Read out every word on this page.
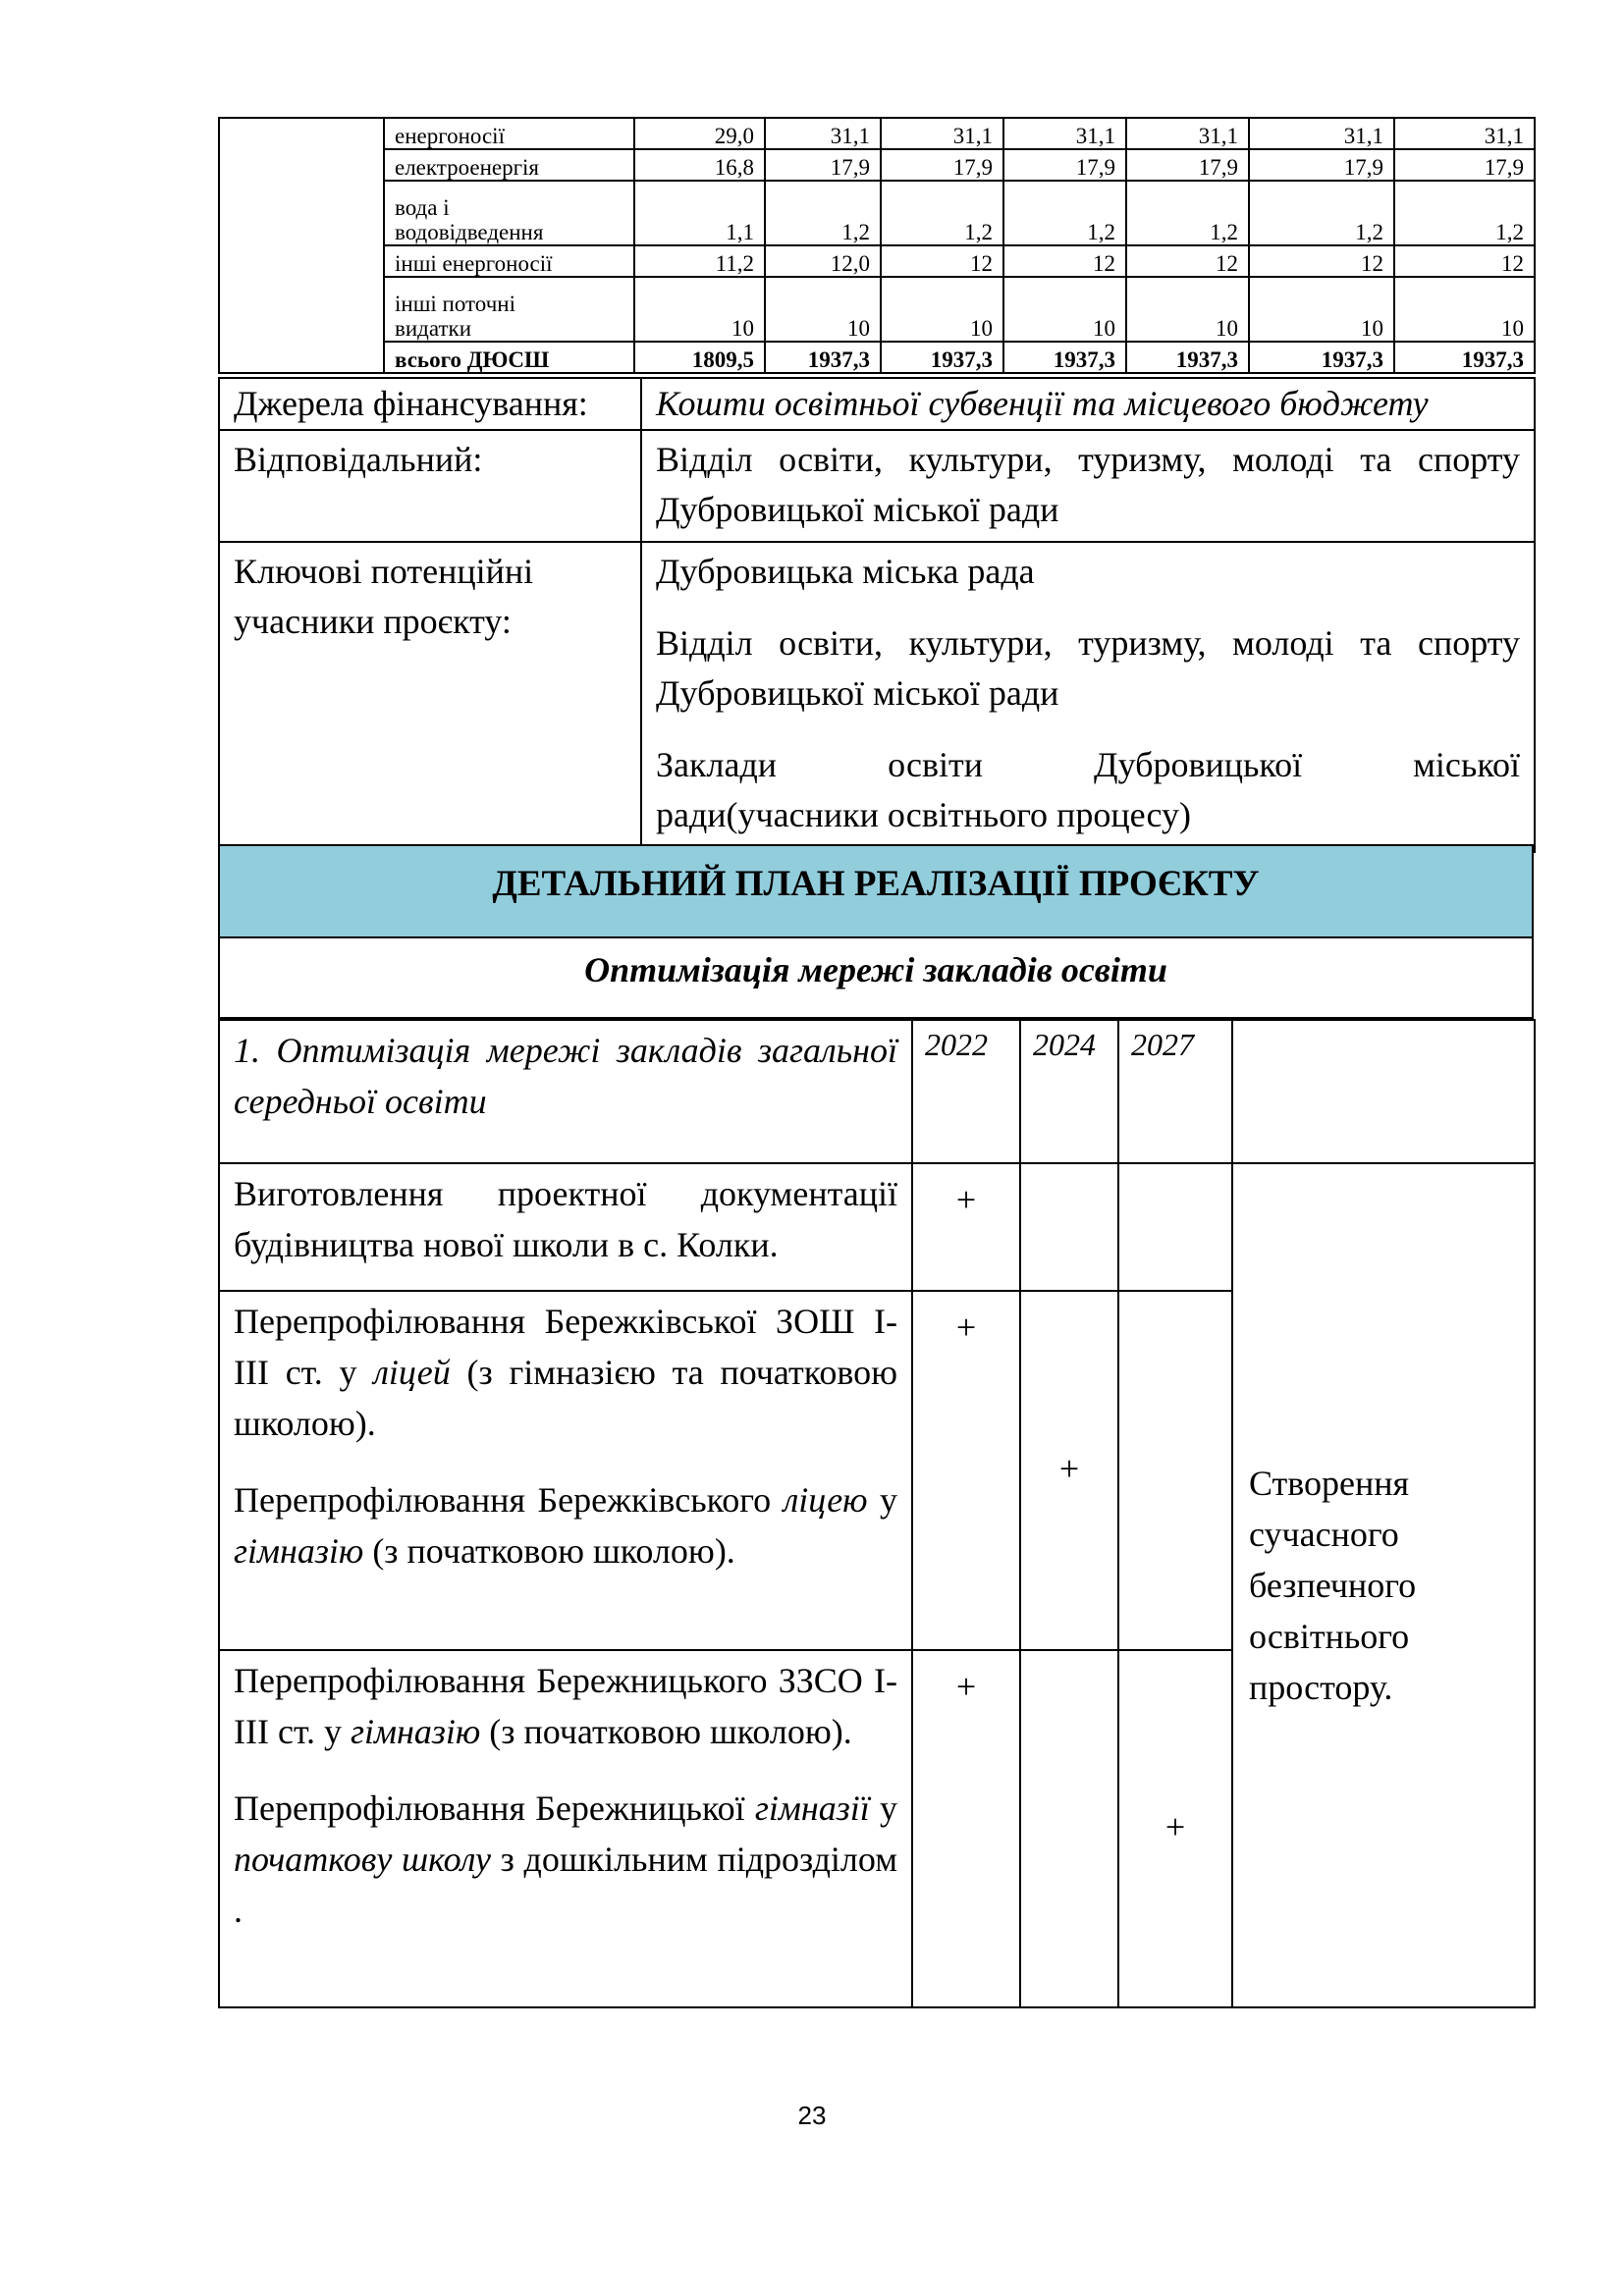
	енергоносії	29,0	31,1	31,1	31,1	31,1	31,1	31,1
	електроенергія	16,8	17,9	17,9	17,9	17,9	17,9	17,9

	вода і
водовідведення	1,1	1,2	1,2	1,2	1,2	1,2	1,2
	інші енергоносії	11,2	12,0	12	12	12	12	12

	інші поточні
видатки	10	10	10	10	10	10	10
	всього ДЮСШ	1809,5	1937,3	1937,3	1937,3	1937,3	1937,3	1937,3
Джерела фінансування:	Кошти освітньої субвенції та місцевого бюджету
Відповідальний:	Відділ освіти, культури, туризму, молоді та спорту Дубровицької міської ради
Ключові потенційні учасники проєкту:	Дубровицька міська рада

Відділ освіти, культури, туризму, молоді та спорту Дубровицької міської ради

Заклади освіти Дубровицької міської
ради(учасники освітнього процесу)

ДЕТАЛЬНИЙ ПЛАН РЕАЛІЗАЦІЇ ПРОЄКТУ
Оптимізація мережі закладів освіти

1. Оптимізація мережі закладів загальної середньої освіти	2022	2024	2027	

Виготовлення проектної документації будівництва нової школи в с. Колки.	+			Створення сучасного безпечного освітнього простору.

Перепрофілювання Бережківської ЗОШ І-ІІІ ст. у ліцей (з гімназією та початковою школою).

Перепрофілювання Бережківського ліцею у гімназію (з початковою школою).	+	+		

Перепрофілювання Бережницького ЗЗСО І-ІІІ ст. у гімназію (з початковою школою).

Перепрофілювання Бережницької гімназії у початкову школу з дошкільним підрозділом .	+		+	
23
